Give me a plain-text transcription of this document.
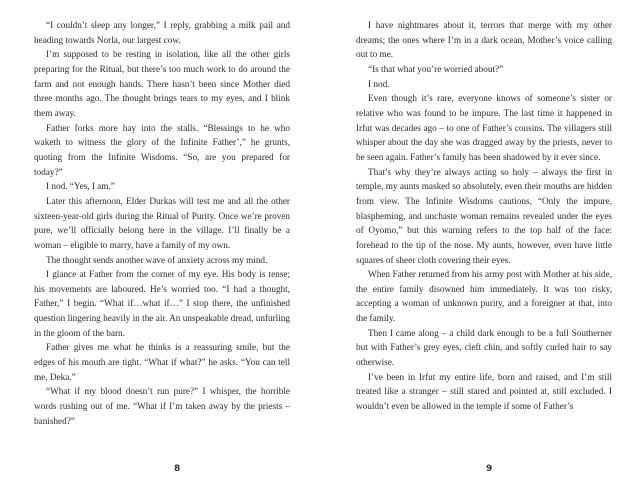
“I couldn’t sleep any longer,” I reply, grabbing a milk pail and heading towards Norla, our largest cow.

I’m supposed to be resting in isolation, like all the other girls preparing for the Ritual, but there’s too much work to do around the farm and not enough hands. There hasn’t been since Mother died three months ago. The thought brings tears to my eyes, and I blink them away.

Father forks more hay into the stalls. “Blessings to he who waketh to witness the glory of the Infinite Father’,” he grunts, quoting from the Infinite Wisdoms. “So, are you prepared for today?”

I nod. “Yes, I am.”

Later this afternoon, Elder Durkas will test me and all the other sixteen-year-old girls during the Ritual of Purity. Once we’re proven pure, we’ll officially belong here in the village. I’ll finally be a woman – eligible to marry, have a family of my own.

The thought sends another wave of anxiety across my mind.

I glance at Father from the corner of my eye. His body is tense; his movements are laboured. He’s worried too. “I had a thought, Father,” I begin. “What if…what if…” I stop there, the unfinished question lingering heavily in the air. An unspeakable dread, unfurling in the gloom of the barn.

Father gives me what he thinks is a reassuring smile, but the edges of his mouth are tight. “What if what?” he asks. “You can tell me, Deka.”

“What if my blood doesn’t run pure?” I whisper, the horrible words rushing out of me. “What if I’m taken away by the priests – banished?”

8

I have nightmares about it, terrors that merge with my other dreams; the ones where I’m in a dark ocean, Mother’s voice calling out to me.

“Is that what you’re worried about?”

I nod.

Even though it’s rare, everyone knows of someone’s sister or relative who was found to be impure. The last time it happened in Irfut was decades ago – to one of Father’s cousins. The villagers still whisper about the day she was dragged away by the priests, never to be seen again. Father’s family has been shadowed by it ever since.

That’s why they’re always acting so holy – always the first in temple, my aunts masked so absolutely, even their mouths are hidden from view. The Infinite Wisdoms cautions, “Only the impure, blaspheming, and unchaste woman remains revealed under the eyes of Oyomo,” but this warning refers to the top half of the face: forehead to the tip of the nose. My aunts, however, even have little squares of sheer cloth covering their eyes.

When Father returned from his army post with Mother at his side, the entire family disowned him immediately. It was too risky, accepting a woman of unknown purity, and a foreigner at that, into the family.

Then I came along – a child dark enough to be a full Southerner but with Father’s grey eyes, cleft chin, and softly curled hair to say otherwise.

I’ve been in Irfut my entire life, born and raised, and I’m still treated like a stranger – still stared and pointed at, still excluded. I wouldn’t even be allowed in the temple if some of Father’s

9
